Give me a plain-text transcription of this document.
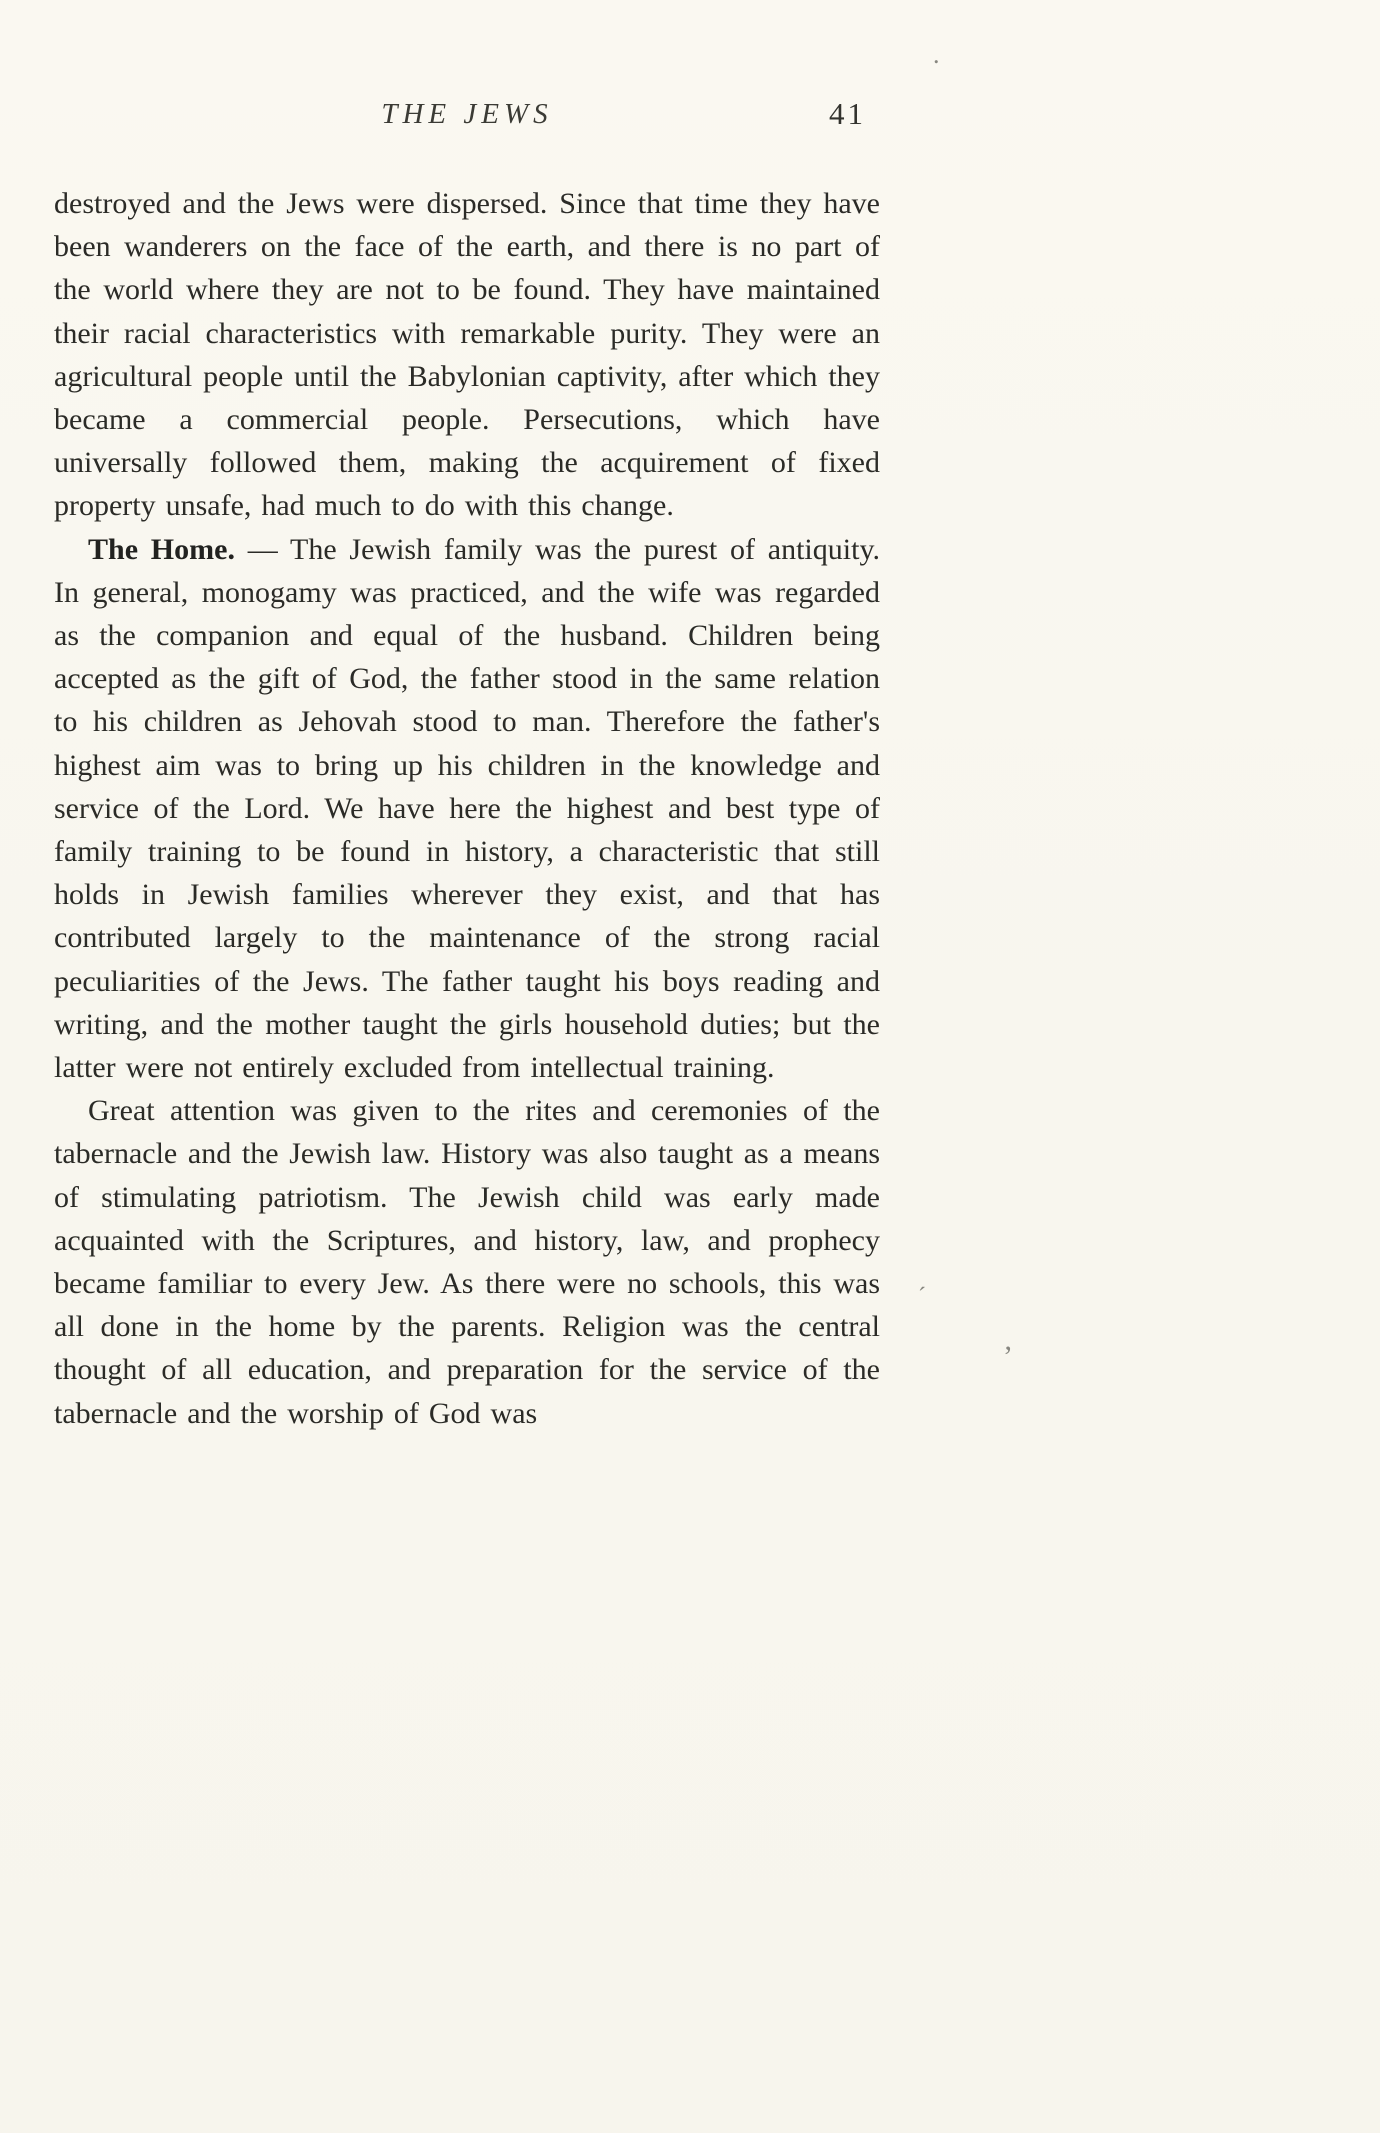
THE JEWS	41

destroyed and the Jews were dispersed. Since that time they have been wanderers on the face of the earth, and there is no part of the world where they are not to be found. They have maintained their racial characteristics with remarkable purity. They were an agricultural people until the Babylonian captivity, after which they became a commercial people. Persecutions, which have universally followed them, making the acquirement of fixed property unsafe, had much to do with this change.

The Home. — The Jewish family was the purest of antiquity. In general, monogamy was practiced, and the wife was regarded as the companion and equal of the husband. Children being accepted as the gift of God, the father stood in the same relation to his children as Jehovah stood to man. Therefore the father's highest aim was to bring up his children in the knowledge and service of the Lord. We have here the highest and best type of family training to be found in history, a characteristic that still holds in Jewish families wherever they exist, and that has contributed largely to the maintenance of the strong racial peculiarities of the Jews. The father taught his boys reading and writing, and the mother taught the girls household duties; but the latter were not entirely excluded from intellectual training.

Great attention was given to the rites and ceremonies of the tabernacle and the Jewish law. History was also taught as a means of stimulating patriotism. The Jewish child was early made acquainted with the Scriptures, and history, law, and prophecy became familiar to every Jew. As there were no schools, this was all done in the home by the parents. Religion was the central thought of all education, and preparation for the service of the tabernacle and the worship of God was

.
’
´
